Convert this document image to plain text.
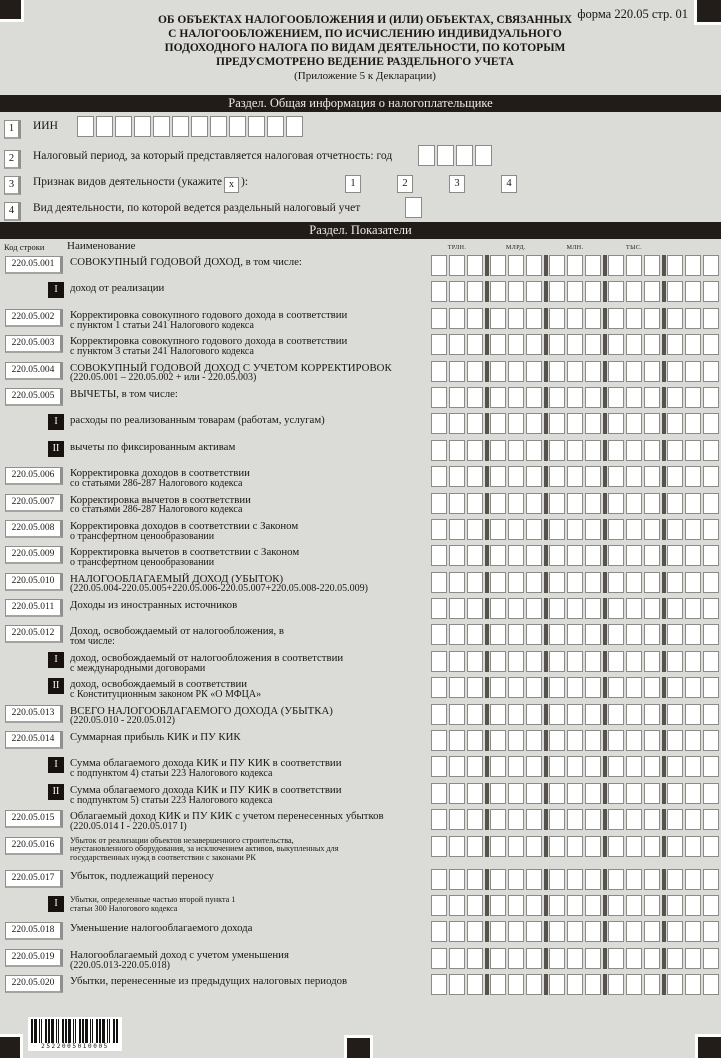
форма 220.05 стр. 01
ОБ ОБЪЕКТАХ НАЛОГООБЛОЖЕНИЯ И (ИЛИ) ОБЪЕКТАХ, СВЯЗАННЫХ
С НАЛОГООБЛОЖЕНИЕМ, ПО ИСЧИСЛЕНИЮ ИНДИВИДУАЛЬНОГО
ПОДОХОДНОГО НАЛОГА ПО ВИДАМ ДЕЯТЕЛЬНОСТИ, ПО КОТОРЫМ
ПРЕДУСМОТРЕНО ВЕДЕНИЕ РАЗДЕЛЬНОГО УЧЕТА
(Приложение 5 к Декларации)
Раздел. Общая информация о налогоплательщике
1	ИИН
2	Налоговый период, за который представляется налоговая отчетность: год
3	Признак видов деятельности (укажите x ):	1	2	3	4
4	Вид деятельности, по которой ведется раздельный налоговый учет
Раздел. Показатели
Код строки Наименование	ТРЛН.	МЛРД.	МЛН.	ТЫС.
220.05.001	СОВОКУПНЫЙ ГОДОВОЙ ДОХОД, в том числе:
I	доход от реализации
220.05.002	Корректировка совокупного годового дохода в соответствии
с пунктом 1 статьи 241 Налогового кодекса
220.05.003	Корректировка совокупного годового дохода в соответствии
с пунктом 3 статьи 241 Налогового кодекса
220.05.004	СОВОКУПНЫЙ ГОДОВОЙ ДОХОД С УЧЕТОМ КОРРЕКТИРОВОК
(220.05.001 – 220.05.002 + или - 220.05.003)
220.05.005	ВЫЧЕТЫ, в том числе:
I	расходы по реализованным товарам (работам, услугам)
II вычеты по фиксированным активам
220.05.006	Корректировка доходов в соответствии
со статьями 286-287 Налогового кодекса
220.05.007	Корректировка вычетов в соответствии
со статьями 286-287 Налогового кодекса
220.05.008	Корректировка доходов в соответствии с Законом
о трансфертном ценообразовании
220.05.009	Корректировка вычетов в соответствии с Законом
о трансфертном ценообразовании
220.05.010	НАЛОГООБЛАГАЕМЫЙ ДОХОД (УБЫТОК)
(220.05.004-220.05.005+220.05.006-220.05.007+220.05.008-220.05.009)
220.05.011	Доходы из иностранных источников
220.05.012	Доход, освобождаемый от налогообложения, в
том числе:
I	доход, освобождаемый от налогообложения в соответствии
с международными договорами
II доход, освобождаемый в соответствии
с Конституционным законом РК «О МФЦА»
220.05.013	ВСЕГО НАЛОГООБЛАГАЕМОГО ДОХОДА (УБЫТКА)
(220.05.010 - 220.05.012)
220.05.014	Суммарная прибыль КИК и ПУ КИК
I	Сумма облагаемого дохода КИК и ПУ КИК в соответствии
с подпунктом 4) статьи 223 Налогового кодекса
II Сумма облагаемого дохода КИК и ПУ КИК в соответствии
с подпунктом 5) статьи 223 Налогового кодекса
220.05.015	Облагаемый доход КИК и ПУ КИК с учетом перенесенных убытков
(220.05.014 I - 220.05.017 I)
220.05.016	Убыток от реализации объектов незавершенного строительства,
неустановленного оборудования, за исключением активов, выкупленных для
государственных нужд в соответствии с законами РК
220.05.017	Убыток, подлежащий переносу
I	Убытки, определенные частью второй пункта 1
статьи 300 Налогового кодекса
220.05.018	Уменьшение налогооблагаемого дохода
220.05.019	Налогооблагаемый доход с учетом уменьшения
(220.05.013-220.05.018)
220.05.020	Убытки, перенесенные из предыдущих налоговых периодов
2522005010005
